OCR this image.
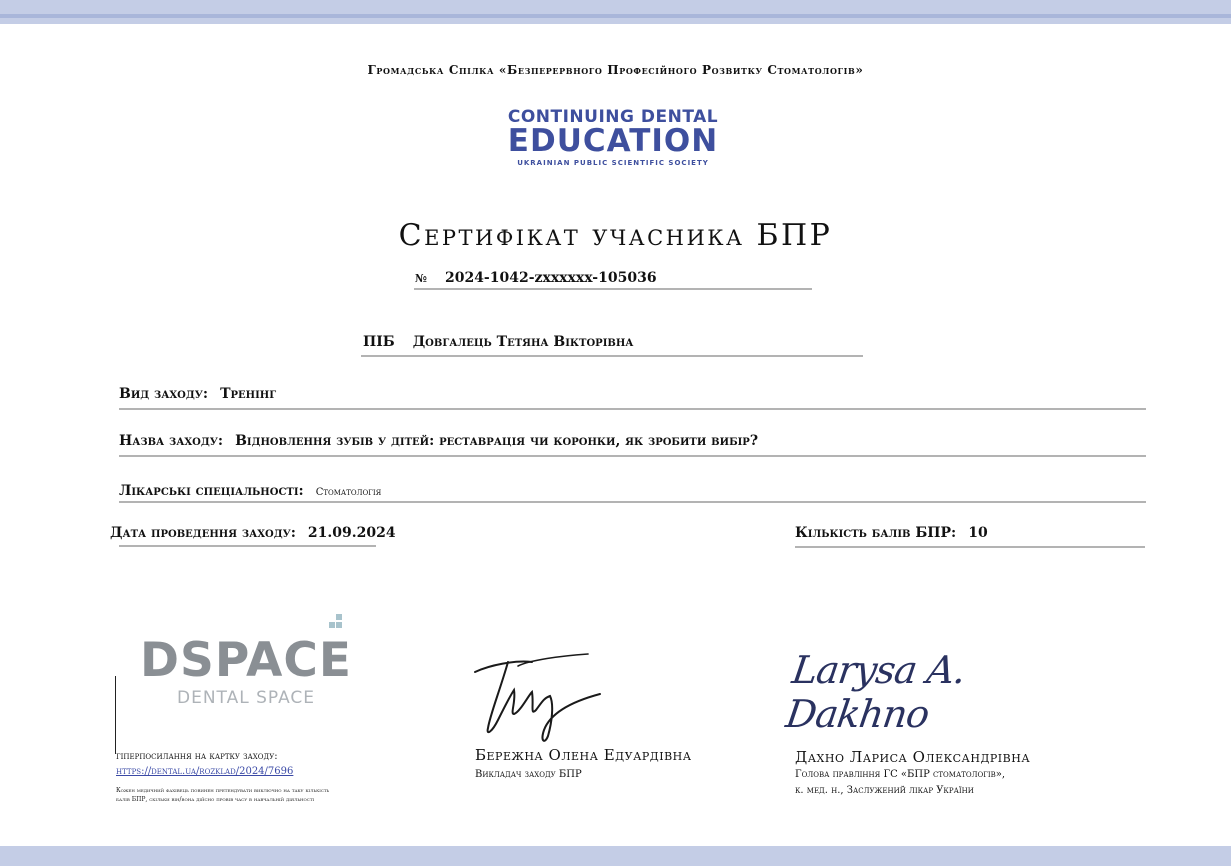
Громадська Спілка «Безперервного Професійного Розвитку Стоматологів»
CONTINUING DENTAL
EDUCATION
UKRAINIAN PUBLIC SCIENTIFIC SOCIETY
Сертифікат учасника БПР
№ 2024-1042-zxxxxxx-105036
ПІБ Довгалець Тетяна Вікторівна
Вид заходу: Тренінг
Назва заходу: Відновлення зубів у дітей: реставрація чи коронки, як зробити вибір?
Лікарські спеціальності: Стоматологія
Дата проведення заходу: 21.09.2024	Кількість балів БПР: 10
DSPACE
DENTAL SPACE
гіперпосилання на картку заходу:
https://dental.ua/rozklad/2024/7696
Кожен медичний фахівець повинен претендувати виключно на таку кількість балів БПР, скільки він/вона дійсно провів часу в навчальній діяльності
Бережна Олена Едуардівна
Викладач заходу БПР
Larysa A. Dakhno
Дахно Лариса Олександрівна
Голова правління ГС «БПР стоматологів»,
к. мед. н., Заслужений лікар України
